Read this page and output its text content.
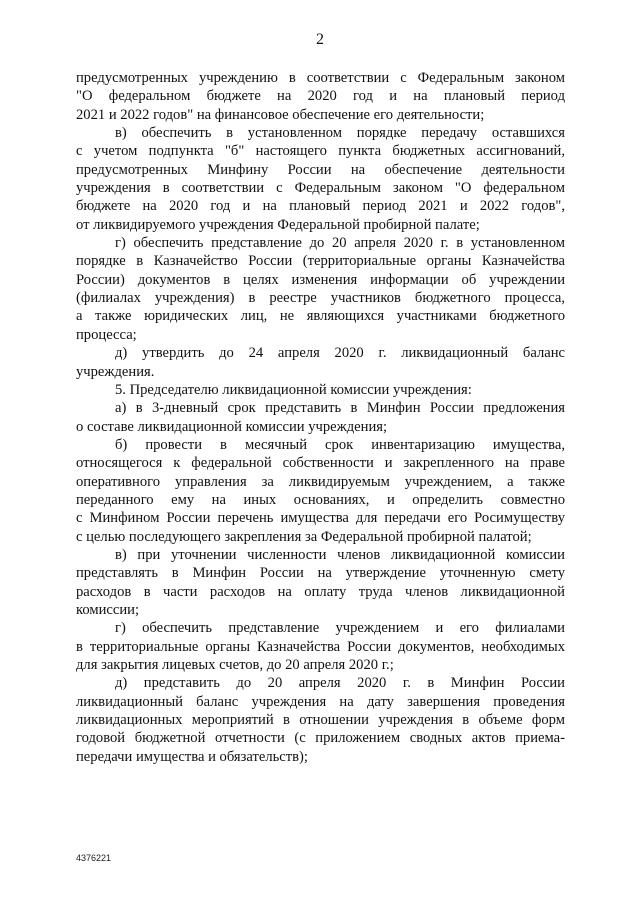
2
предусмотренных учреждению в соответствии с Федеральным законом
"О федеральном бюджете на 2020 год и на плановый период
2021 и 2022 годов" на финансовое обеспечение его деятельности;
в) обеспечить в установленном порядке передачу оставшихся
с учетом подпункта "б" настоящего пункта бюджетных ассигнований,
предусмотренных Минфину России на обеспечение деятельности
учреждения в соответствии с Федеральным законом "О федеральном
бюджете на 2020 год и на плановый период 2021 и 2022 годов",
от ликвидируемого учреждения Федеральной пробирной палате;
г) обеспечить представление до 20 апреля 2020 г. в установленном
порядке в Казначейство России (территориальные органы Казначейства
России) документов в целях изменения информации об учреждении
(филиалах учреждения) в реестре участников бюджетного процесса,
а также юридических лиц, не являющихся участниками бюджетного
процесса;
д) утвердить до 24 апреля 2020 г. ликвидационный баланс
учреждения.
5. Председателю ликвидационной комиссии учреждения:
а) в 3-дневный срок представить в Минфин России предложения
о составе ликвидационной комиссии учреждения;
б) провести в месячный срок инвентаризацию имущества,
относящегося к федеральной собственности и закрепленного на праве
оперативного управления за ликвидируемым учреждением, а также
переданного ему на иных основаниях, и определить совместно
с Минфином России перечень имущества для передачи его Росимуществу
с целью последующего закрепления за Федеральной пробирной палатой;
в) при уточнении численности членов ликвидационной комиссии
представлять в Минфин России на утверждение уточненную смету
расходов в части расходов на оплату труда членов ликвидационной
комиссии;
г) обеспечить представление учреждением и его филиалами
в территориальные органы Казначейства России документов, необходимых
для закрытия лицевых счетов, до 20 апреля 2020 г.;
д) представить до 20 апреля 2020 г. в Минфин России
ликвидационный баланс учреждения на дату завершения проведения
ликвидационных мероприятий в отношении учреждения в объеме форм
годовой бюджетной отчетности (с приложением сводных актов приема-
передачи имущества и обязательств);
4376221
